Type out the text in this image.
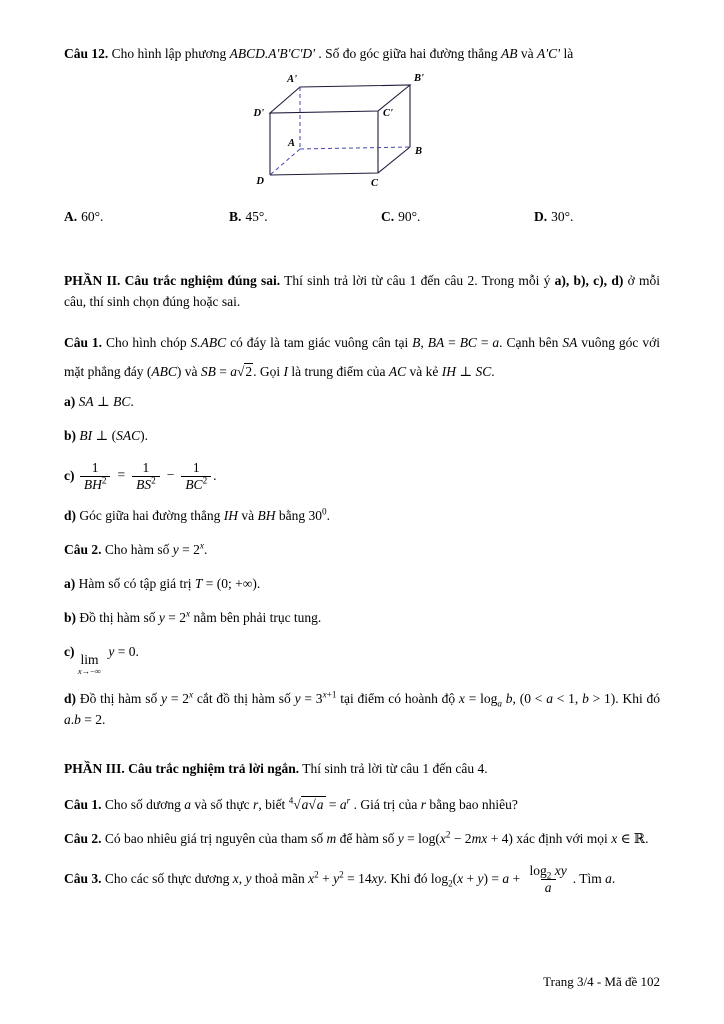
Câu 12. Cho hình lập phương ABCD.A'B'C'D' . Số đo góc giữa hai đường thẳng AB và A'C' là

A'	B'
D'	C'
A
B
D	C
A. 60°.	B. 45°.	C. 90°.	D. 30°.

PHẦN II. Câu trắc nghiệm đúng sai. Thí sinh trả lời từ câu 1 đến câu 2. Trong mỗi ý a), b), c), d) ở mỗi câu, thí sinh chọn đúng hoặc sai.

Câu 1. Cho hình chóp S.ABC có đáy là tam giác vuông cân tại B, BA = BC = a. Cạnh bên SA vuông góc với mặt phẳng đáy (ABC) và SB = a√2. Gọi I là trung điểm của AC và kẻ IH ⊥ SC.

a) SA ⊥ BC.

b) BI ⊥ (SAC).

$c) \frac{1}{BH^2} = \frac{1}{BS^2} - \frac{1}{BC^2}$ .

d) Góc giữa hai đường thẳng IH và BH bằng $30^0$.

Câu 2. Cho hàm số $y = 2^x$.

a) Hàm số có tập giá trị T = (0; +∞).

b) Đồ thị hàm số $y = 2^x$ nằm bên phải trục tung.

c)
lim
x→−∞
y = 0.

d) Đồ thị hàm số $y = 2^x$ cắt đồ thị hàm số $y = 3^{x+1}$ tại điểm có hoành độ $x = \log_a b$, (0 < a < 1, b > 1). Khi đó a.b = 2.

PHẦN III. Câu trắc nghiệm trả lời ngắn. Thí sinh trả lời từ câu 1 đến câu 4.

Câu 1. Cho số dương a và số thực r, biết $^4√a√a = a^r$ . Giá trị của r bằng bao nhiêu?

Câu 2. Có bao nhiêu giá trị nguyên của tham số m để hàm số $y = \log(x^2 - 2mx + 4)$ xác định với mọi x ∈ ℝ.

Câu 3. Cho các số thực dương x, y thoả mãn $x^2 + y^2 = 14xy$. Khi đó $\log_2(x + y) = a + \frac{\log_2 xy}{a}$ . Tìm a.

Trang 3/4 - Mã đề 102
